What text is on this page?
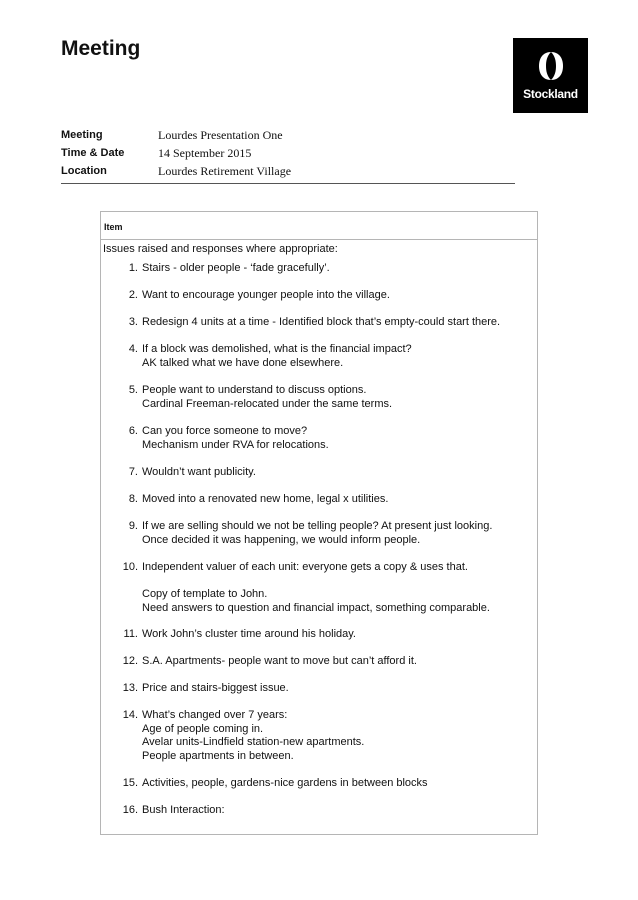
Meeting
Stockland
Meeting	Lourdes Presentation One
Time & Date	14 September 2015
Location	Lourdes Retirement Village
Item
Issues raised and responses where appropriate:
1. Stairs - older people - ‘fade gracefully’.
2. Want to encourage younger people into the village.
3. Redesign 4 units at a time - Identified block that’s empty-could start there.
4. If a block was demolished, what is the financial impact?
AK talked what we have done elsewhere.
5. People want to understand to discuss options.
Cardinal Freeman-relocated under the same terms.
6. Can you force someone to move?
Mechanism under RVA for relocations.
7. Wouldn’t want publicity.
8. Moved into a renovated new home, legal x utilities.
9. If we are selling should we not be telling people? At present just looking.
Once decided it was happening, we would inform people.
10. Independent valuer of each unit: everyone gets a copy & uses that.
Copy of template to John.
Need answers to question and financial impact, something comparable.
11. Work John’s cluster time around his holiday.
12. S.A. Apartments- people want to move but can’t afford it.
13. Price and stairs-biggest issue.
14. What’s changed over 7 years:
Age of people coming in.
Avelar units-Lindfield station-new apartments.
People apartments in between.
15. Activities, people, gardens-nice gardens in between blocks
16. Bush Interaction:
